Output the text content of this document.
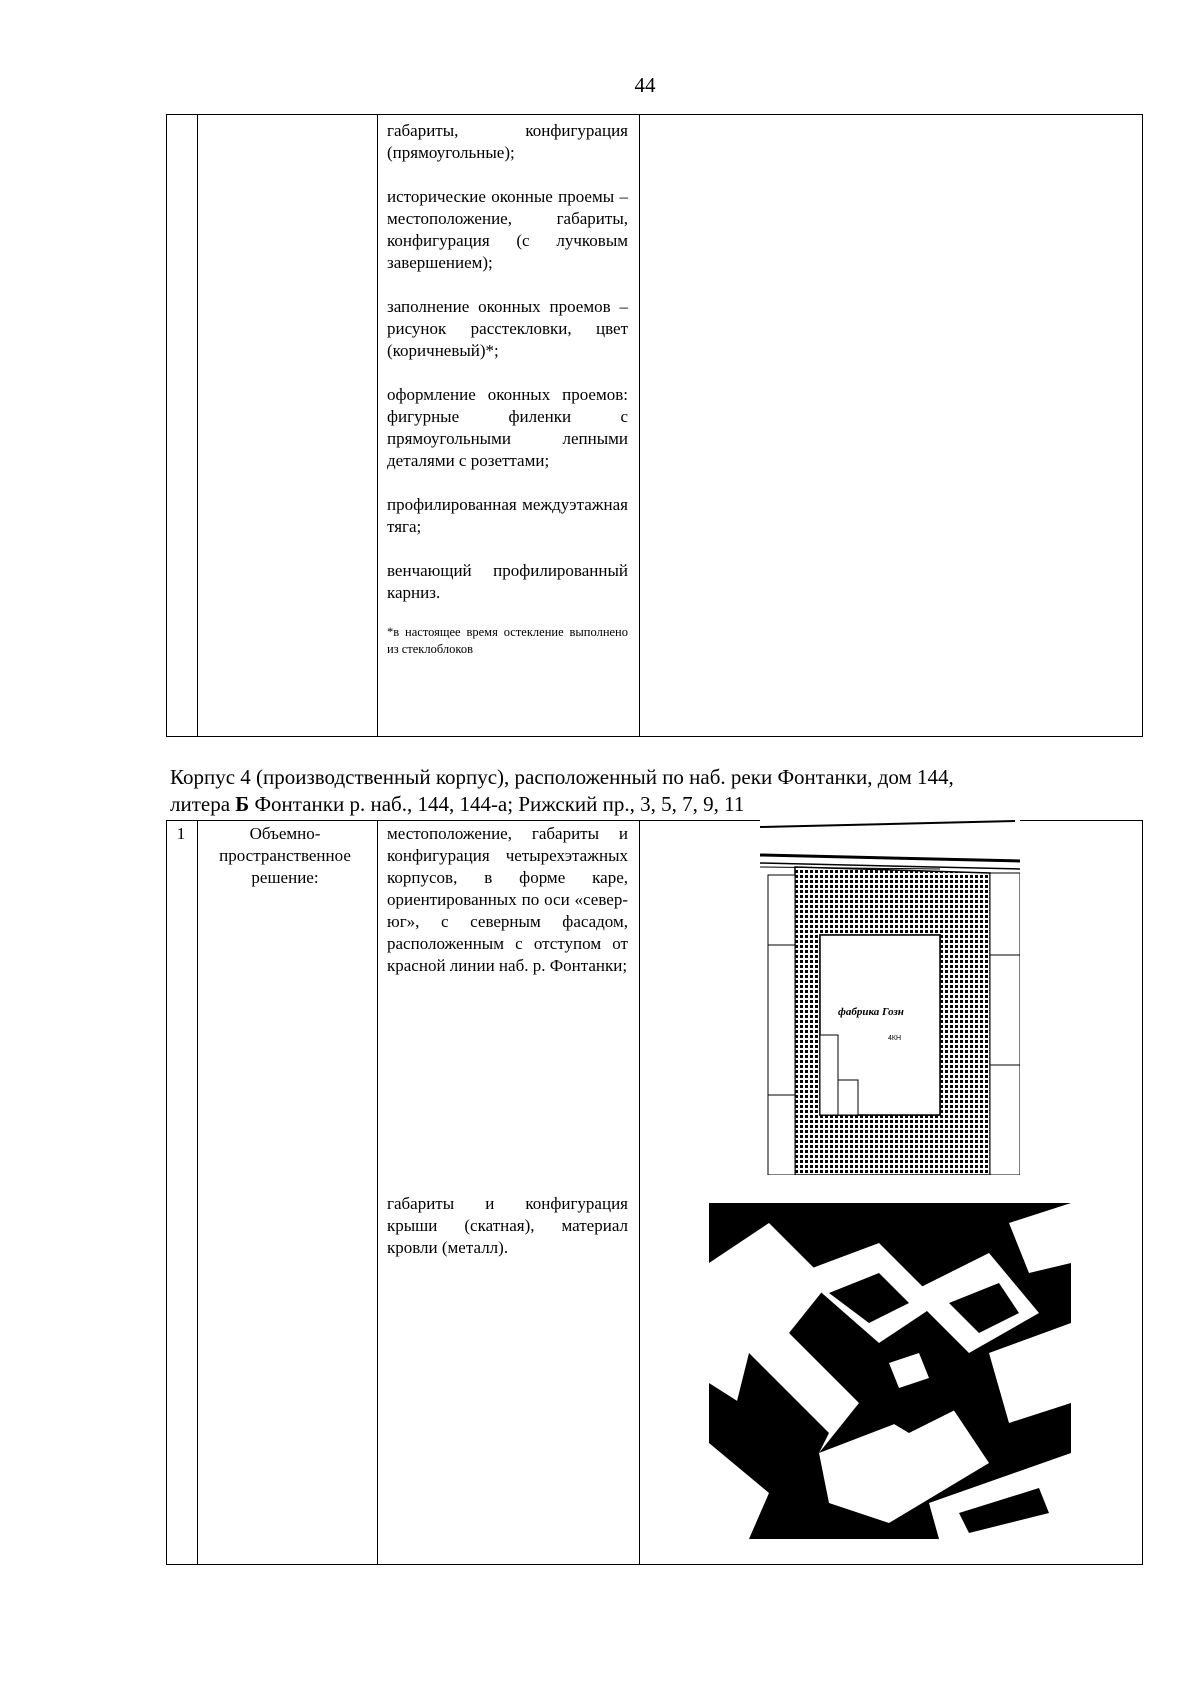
44

габариты, конфигурация (прямоугольные);

исторические оконные проемы – местоположение, габариты, конфигурация (с лучковым завершением);

заполнение оконных проемов – рисунок расстекловки, цвет (коричневый)*;

оформление оконных проемов: фигурные филенки с прямоугольными лепными деталями с розеттами;

профилированная междуэтажная тяга;

венчающий профилированный карниз.

*в настоящее время остекление выполнено из стеклоблоков

Корпус 4 (производственный корпус), расположенный по наб. реки Фонтанки, дом 144,
литера Б Фонтанки р. наб., 144, 144-а; Рижский пр., 3, 5, 7, 9, 11
1	Объемно-пространственное решение:
местоположение, габариты и конфигурация четырехэтажных корпусов, в форме каре, ориентированных по оси «север-юг», с северным фасадом, расположенным с отступом от красной линии наб. р. Фонтанки;
габариты и конфигурация крыши (скатная), материал кровли (металл).
фабрика Гозн
4КН
